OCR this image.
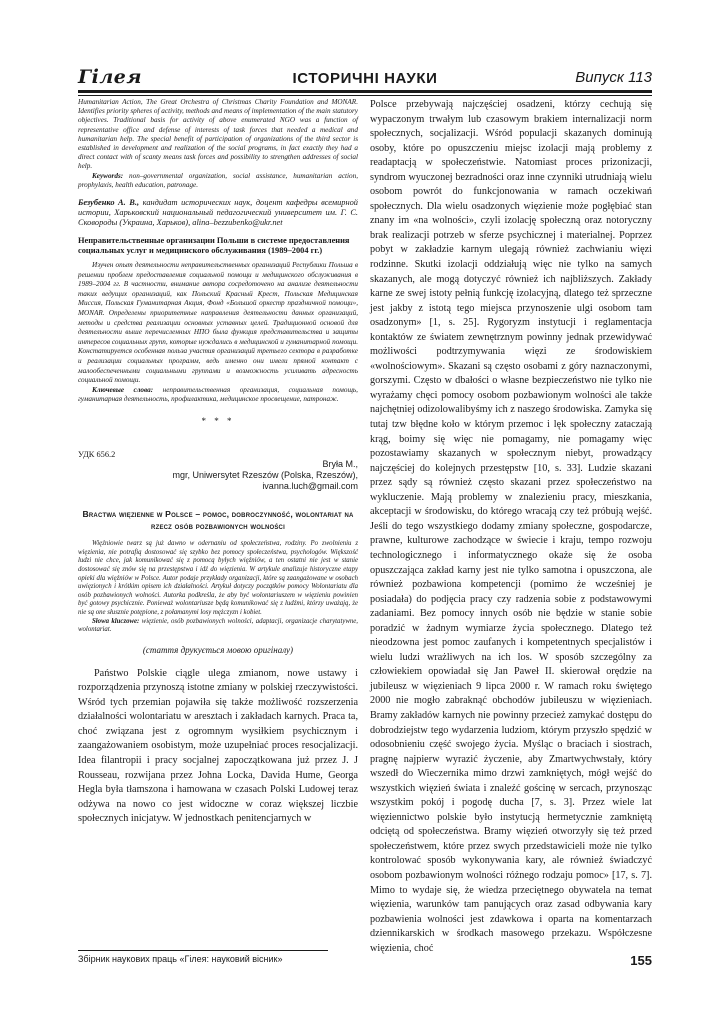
Гілея	ІСТОРИЧНІ НАУКИ	Випуск 113

Humanitarian Action, The Great Orchestra of Christmas Charity Foundation and MONAR. Identifies priority spheres of activity, methods and means of implementation of the main statutory objectives. Traditional basis for activity of above enumerated NGO was a function of representative office and defense of interests of task forces that needed a medical and humanitarian help. The special benefit of participation of organizations of the third sector is established in development and realization of the social programs, in fact exactly they had a direct contact with of scanty means task forces and possibility to strengthen addresses of social help.

Keywords: non–governmental organization, social assistance, humanitarian action, prophylaxis, health education, patronage.

Безубенко А. В., кандидат исторических наук, доцент кафедры всемирной истории, Харьковский национальный педагогический университет им. Г. С. Сковороды (Украина, Харьков), alina–bezzubenko@ukr.net

Неправительственные организации Польши в системе предоставления социальных услуг и медицинского обслуживания (1989–2004 гг.)

Изучен опыт деятельности неправительственных организаций Республики Польша в решении проблем предоставления социальной помощи и медицинского обслуживания в 1989–2004 гг. В частности, внимание автора сосредоточено на анализе деятельности таких ведущих организаций, как Польский Красный Крест, Польская Медицинская Миссия, Польская Гуманитарная Акция, Фонд «Большой оркестр праздничной помощи», MONAR. Определены приоритетные направления деятельности данных организаций, методы и средства реализации основных уставных целей. Традиционной основой для деятельности выше перечисленных НПО была функция представительства и защиты интересов социальных групп, которые нуждались в медицинской и гуманитарной помощи. Констатируется особенная польза участия организаций третьего сектора в разработке и реализации социальных программ, ведь именно они имели прямой контакт с малообеспеченными социальными группами и возможность усиливать адресность социальной помощи.

Ключевые слова: неправительственная организация, социальная помощь, гуманитарная деятельность, профилактика, медицинское просвещение, патронаж.

* * *

УДК 656.2

Bryła M.,

mgr, Uniwersytet Rzeszów (Polska, Rzeszów),

ivanna.luch@gmail.com

Bractwa więzienne w Polsce – pomoc, dobroczynność, wolontariat na rzecz osób pozbawionych wolności

Więźniowie twarz są już dawno w odernaniu od społeczeństwa, rodziny. Po zwolnieniu z więzienia, nie potrafią dostosować się szybko bez pomocy społeczeństwa, psychologów. Większość ludzi nie chce, jak komunikować się z pomocą byłych więźniów, a ten ostatni nie jest w stanie dostosować się znów się na przestępstwa i idź do więzienia. W artykule analizuje historyczne etapy opieki dla więźniów w Polsce. Autor podaje przykłady organizacji, które są zaangażowane w osobach uwięzionych i krótkim opisem ich działalności. Artykuł dotyczy początków pomocy Wolontariatu dla osób pozbawionych wolności. Autorka podkreśla, że aby być wolontariuszem w więzieniu powinien być gotowy psychicznie. Ponieważ wolontariusze będą komunikować się z ludźmi, którzy uważają, że nie są one słusznie potępione, z połamanymi losy mężczyzn i kobiet.

Słowa kluczowe: więzienie, osób pozbawionych wolności, adaptacji, organizacje charytatywne, wolontariat.

(стаття друкується мовою оригіналу)

Państwo Polskie ciągle ulega zmianom, nowe ustawy i rozporządzenia przynoszą istotne zmiany w polskiej rzeczywistości. Wśród tych przemian pojawiła się także możliwość rozszerzenia działalności wolontariatu w aresztach i zakładach karnych. Praca ta, choć związana jest z ogromnym wysiłkiem psychicznym i zaangażowaniem osobistym, może uzupełniać proces resocjalizacji. Idea filantropii i pracy socjalnej zapoczątkowana już przez J. J Rousseau, rozwijana przez Johna Locka, Davida Hume, Georga Hegla była tłamszona i hamowana w czasach Polski Ludowej teraz odżywa na nowo co jest widoczne w coraz większej liczbie społecznych inicjatyw. W jednostkach penitencjarnych w

Polsce przebywają najczęściej osadzeni, którzy cechują się wypaczonym trwałym lub czasowym brakiem internalizacji norm społecznych, socjalizacji. Wśród populacji skazanych dominują osoby, które po opuszczeniu miejsc izolacji mają problemy z readaptacją w społeczeństwie. Natomiast proces prizonizacji, syndrom wyuczonej bezradności oraz inne czynniki utrudniają wielu osobom powrót do funkcjonowania w ramach oczekiwań społecznych. Dla wielu osadzonych więzienie może pogłębiać stan znany im «na wolności», czyli izolację społeczną oraz notoryczny brak realizacji potrzeb w sferze psychicznej i materialnej. Poprzez pobyt w zakładzie karnym ulegają również zachwianiu więzi rodzinne. Skutki izolacji oddziałują więc nie tylko na samych skazanych, ale mogą dotyczyć również ich najbliższych. Zakłady karne ze swej istoty pełnią funkcję izolacyjną, dlatego też sprzeczne jest jakby z istotą tego miejsca przynoszenie ulgi osobom tam osadzonym» [1, s. 25]. Rygoryzm instytucji i reglamentacja kontaktów ze światem zewnętrznym powinny jednak przewidywać możliwości podtrzymywania więzi ze środowiskiem «wolnościowym». Skazani są często osobami z góry naznaczonymi, gorszymi. Często w dbałości o własne bezpieczeństwo nie tylko nie wyrażamy chęci pomocy osobom pozbawionym wolności ale także najchętniej odizolowalibyśmy ich z naszego środowiska. Zamyka się tutaj tzw błędne koło w którym przemoc i lęk społeczny zataczają krąg, boimy się więc nie pomagamy, nie pomagamy więc pozostawiamy skazanych w społecznym niebyt, prowadzący najczęściej do kolejnych przestępstw [10, s. 33]. Ludzie skazani przez sądy są również często skazani przez społeczeństwo na wykluczenie. Mają problemy w znalezieniu pracy, mieszkania, akceptacji w środowisku, do którego wracają czy też próbują wejść. Jeśli do tego wszystkiego dodamy zmiany społeczne, gospodarcze, prawne, kulturowe zachodzące w świecie i kraju, tempo rozwoju technologicznego i informatycznego okaże się że osoba opuszczająca zakład karny jest nie tylko samotna i opuszczona, ale również pozbawiona kompetencji (pomimo że wcześniej je posiadała) do podjęcia pracy czy radzenia sobie z podstawowymi zadaniami. Bez pomocy innych osób nie będzie w stanie sobie poradzić w żadnym wymiarze życia społecznego. Dlatego też nieodzowna jest pomoc zaufanych i kompetentnych specjalistów i wielu ludzi wrażliwych na ich los. W sposób szczególny za człowiekiem opowiadał się Jan Paweł II. skierował orędzie na jubileusz w więzieniach 9 lipca 2000 r. W ramach roku świętego 2000 nie mogło zabraknąć obchodów jubileuszu w więzieniach. Bramy zakładów karnych nie powinny przecież zamykać dostępu do dobrodziejstw tego wydarzenia ludziom, którym przyszło spędzić w odosobnieniu część swojego życia. Myśląc o braciach i siostrach, pragnę najpierw wyrazić życzenie, aby Zmartwychwstały, który wszedł do Wieczernika mimo drzwi zamkniętych, mógł wejść do wszystkich więzień świata i znaleźć gościnę w sercach, przynosząc wszystkim pokój i pogodę ducha [7, s. 3]. Przez wiele lat więziennictwo polskie było instytucją hermetycznie zamkniętą odciętą od społeczeństwa. Bramy więzień otworzyły się też przed społeczeństwem, które przez swych przedstawicieli może nie tylko kontrolować sposób wykonywania kary, ale również świadczyć osobom pozbawionym wolności różnego rodzaju pomoc» [17, s. 7]. Mimo to wydaje się, że wiedza przeciętnego obywatela na temat więzienia, warunków tam panujących oraz zasad odbywania kary pozbawienia wolności jest zdawkowa i oparta na komentarzach dziennikarskich w środkach masowego przekazu. Współczesne więzienia, choć

Збірник наукових праць «Гілея: науковий вісник»	155
